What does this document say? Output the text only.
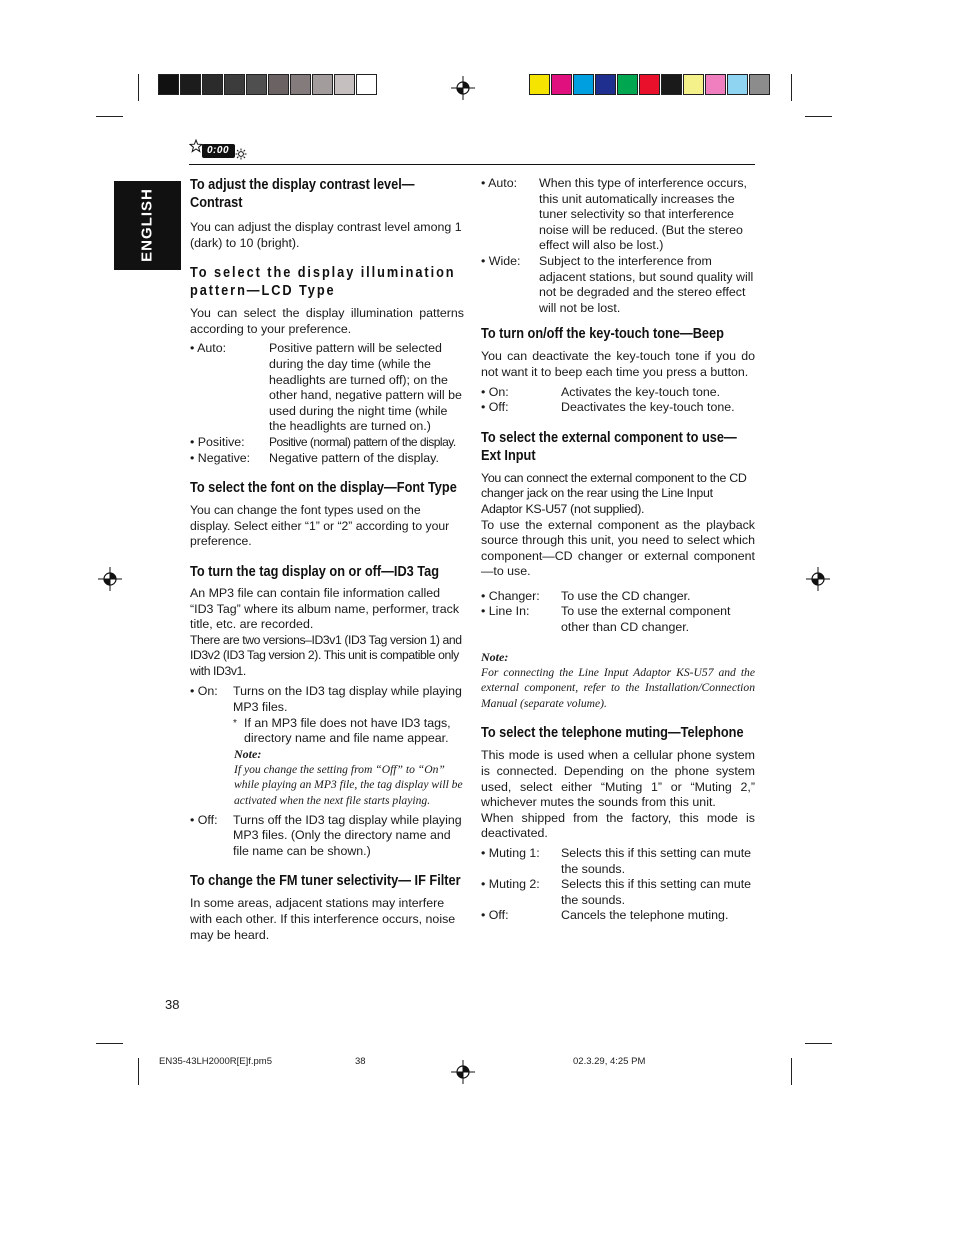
0:00
ENGLISH
To adjust the display contrast level— Contrast

You can adjust the display contrast level among 1 (dark) to 10 (bright).

To select the display illumination pattern—LCD Type

You can select the display illumination patterns according to your preference.

• Auto:	Positive pattern will be selected during the day time (while the headlights are turned off); on the other hand, negative pattern will be used during the night time (while the headlights are turned on.)
• Positive:	Positive (normal) pattern of the display.
• Negative:	Negative pattern of the display.
To select the font on the display—Font Type

You can change the font types used on the display. Select either “1” or “2” according to your preference.

To turn the tag display on or off—ID3 Tag

An MP3 file can contain file information called “ID3 Tag” where its album name, performer, track title, etc. are recorded.

There are two versions–ID3v1 (ID3 Tag version 1) and ID3v2 (ID3 Tag version 2). This unit is compatible only with ID3v1.

• On:	Turns on the ID3 tag display while playing MP3 files.
* If an MP3 file does not have ID3 tags, directory name and file name appear.
Note:
If you change the setting from “Off” to “On” while playing an MP3 file, the tag display will be activated when the next file starts playing.
• Off:	Turns off the ID3 tag display while playing MP3 files. (Only the directory name and file name can be shown.)
To change the FM tuner selectivity— IF Filter

In some areas, adjacent stations may interfere with each other. If this interference occurs, noise may be heard.

• Auto:	When this type of interference occurs, this unit automatically increases the tuner selectivity so that interference noise will be reduced. (But the stereo effect will also be lost.)
• Wide:	Subject to the interference from adjacent stations, but sound quality will not be degraded and the stereo effect will not be lost.
To turn on/off the key-touch tone—Beep

You can deactivate the key-touch tone if you do not want it to beep each time you press a button.

• On:	Activates the key-touch tone.
• Off:	Deactivates the key-touch tone.
To select the external component to use— Ext Input

You can connect the external component to the CD changer jack on the rear using the Line Input Adaptor KS-U57 (not supplied).

To use the external component as the playback source through this unit, you need to select which component—CD changer or external component —to use.

• Changer:	To use the CD changer.
• Line In:	To use the external component other than CD changer.
Note:
For connecting the Line Input Adaptor KS-U57 and the external component, refer to the Installation/Connection Manual (separate volume).
To select the telephone muting—Telephone

This mode is used when a cellular phone system is connected. Depending on the phone system used, select either “Muting 1” or “Muting 2,” whichever mutes the sounds from this unit.

When shipped from the factory, this mode is deactivated.

• Muting 1:	Selects this if this setting can mute the sounds.
• Muting 2:	Selects this if this setting can mute the sounds.
• Off:	Cancels the telephone muting.
38
EN35-43LH2000R[E]f.pm5	38	02.3.29, 4:25 PM
